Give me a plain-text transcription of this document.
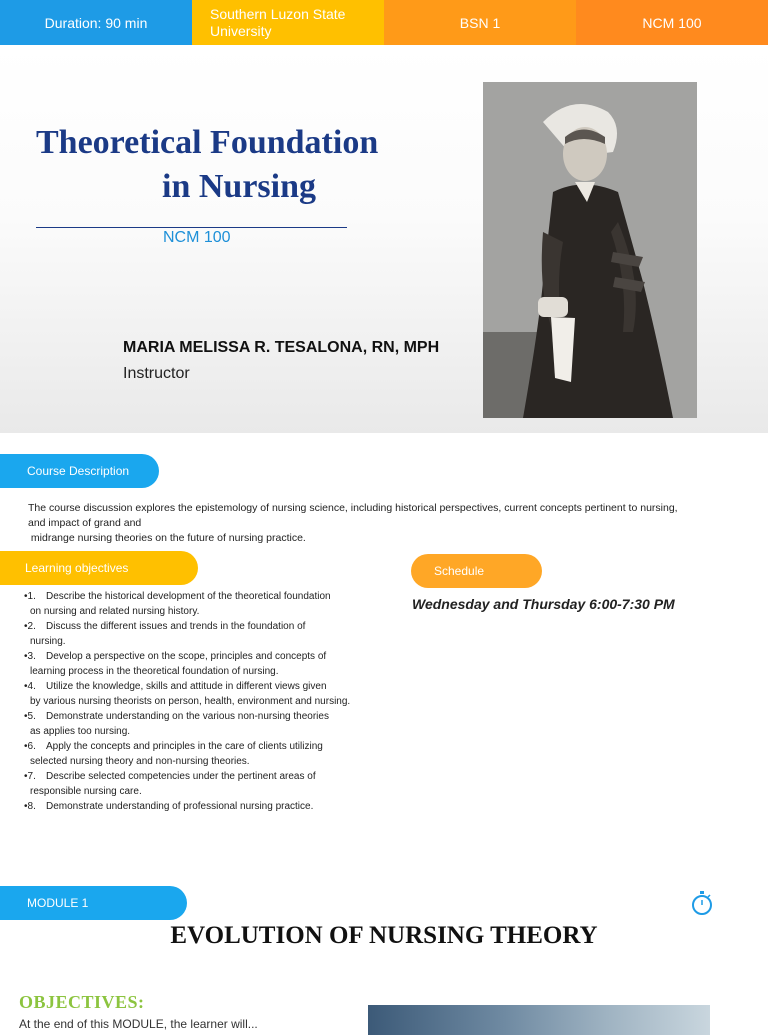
Duration: 90 min
Southern Luzon State University	BSN 1	NCM 100
Theoretical Foundation
in Nursing
NCM 100
MARIA MELISSA R. TESALONA, RN, MPH
Instructor
Course Description
The course discussion explores the epistemology of nursing science, including historical perspectives, current concepts pertinent to nursing,
and impact of grand and
midrange nursing theories on the future of nursing practice.
Learning objectives
•1. Describe the historical development of the theoretical foundation
on nursing and related nursing history.
•2. Discuss the different issues and trends in the foundation of
nursing.
•3. Develop a perspective on the scope, principles and concepts of
learning process in the theoretical foundation of nursing.
•4. Utilize the knowledge, skills and attitude in different views given
by various nursing theorists on person, health, environment and nursing.
•5. Demonstrate understanding on the various non-nursing theories
as applies too nursing.
•6. Apply the concepts and principles in the care of clients utilizing
selected nursing theory and non-nursing theories.
•7. Describe selected competencies under the pertinent areas of
responsible nursing care.
•8. Demonstrate understanding of professional nursing practice.
Schedule
Wednesday and Thursday 6:00-7:30 PM
MODULE 1
EVOLUTION OF NURSING THEORY
OBJECTIVES:
At the end of this MODULE, the learner will...
